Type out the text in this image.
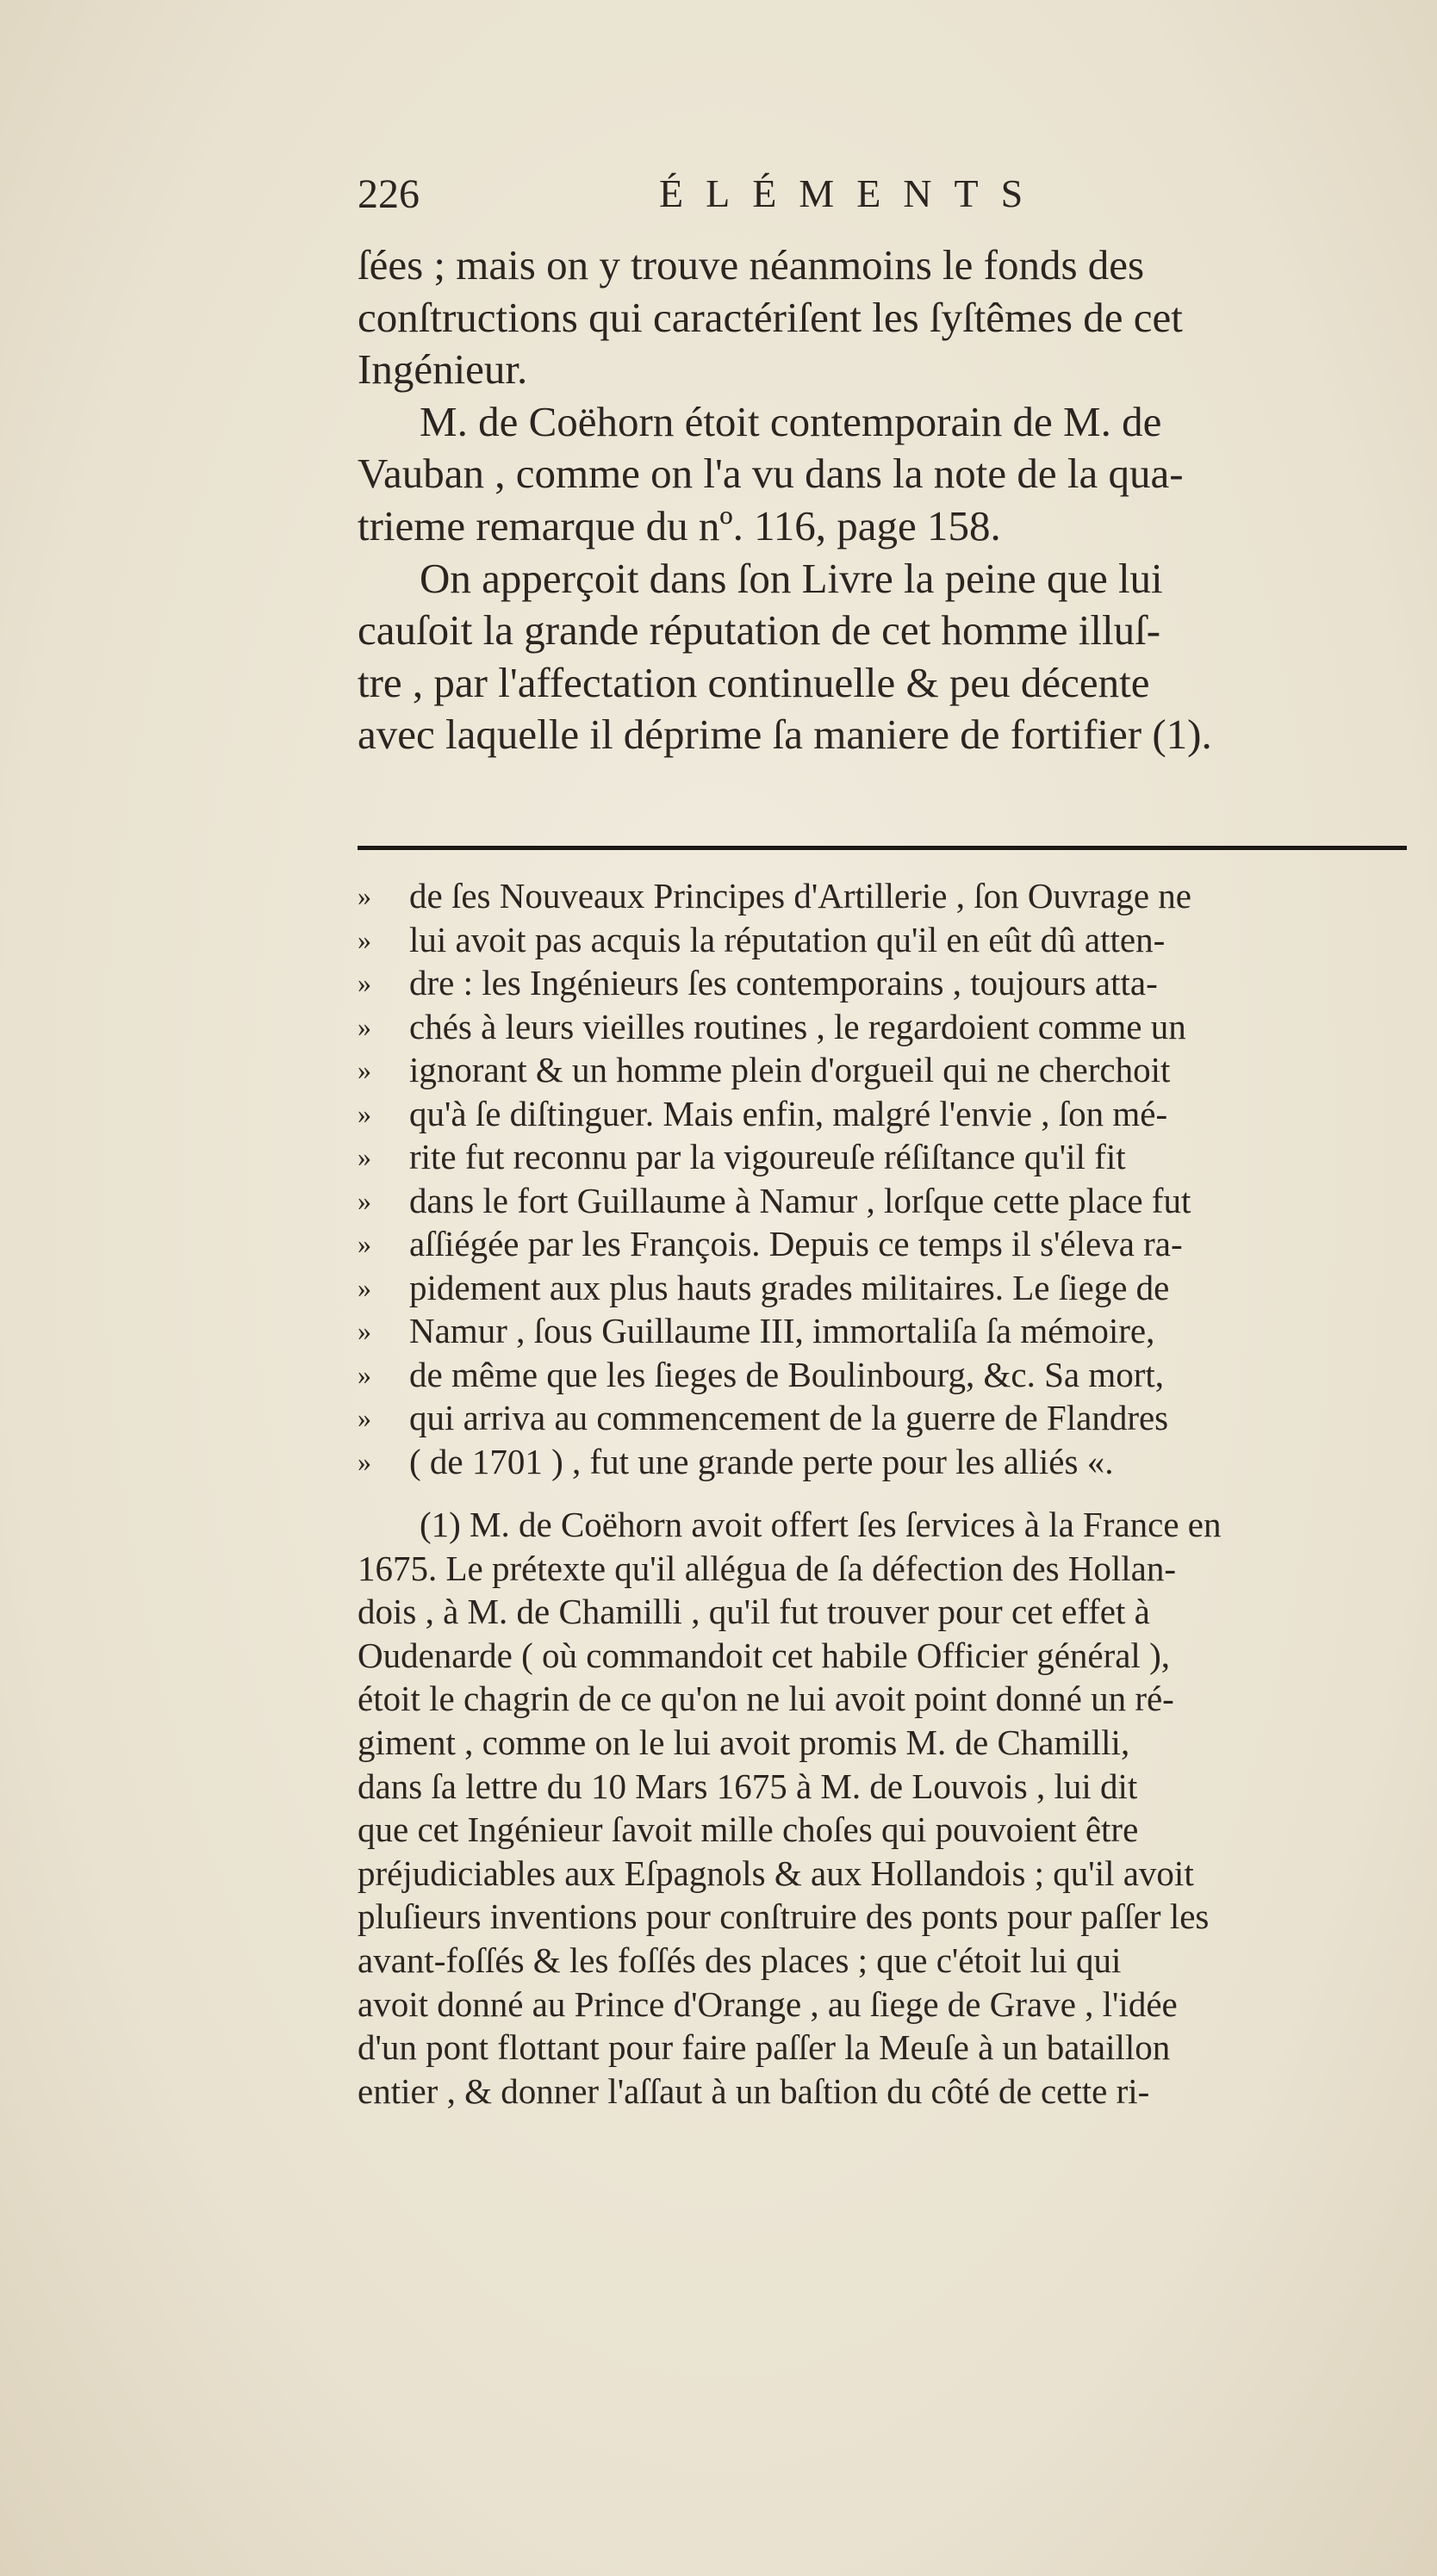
226	ÉLÉMENTS
ſées ; mais on y trouve néanmoins le fonds des
conſtructions qui caractériſent les ſyſtêmes de cet
Ingénieur.
M. de Coëhorn étoit contemporain de M. de
Vauban , comme on l'a vu dans la note de la qua-
trieme remarque du nº. 116, page 158.
On apperçoit dans ſon Livre la peine que lui
cauſoit la grande réputation de cet homme illuſ-
tre , par l'affectation continuelle & peu décente
avec laquelle il déprime ſa maniere de fortifier (1).
»	de ſes Nouveaux Principes d'Artillerie , ſon Ouvrage ne
»	lui avoit pas acquis la réputation qu'il en eût dû atten-
»	dre : les Ingénieurs ſes contemporains , toujours atta-
»	chés à leurs vieilles routines , le regardoient comme un
»	ignorant & un homme plein d'orgueil qui ne cherchoit
»	qu'à ſe diſtinguer. Mais enfin, malgré l'envie , ſon mé-
»	rite fut reconnu par la vigoureuſe réſiſtance qu'il fit
»	dans le fort Guillaume à Namur , lorſque cette place fut
»	aſſiégée par les François. Depuis ce temps il s'éleva ra-
»	pidement aux plus hauts grades militaires. Le ſiege de
»	Namur , ſous Guillaume III, immortaliſa ſa mémoire,
»	de même que les ſieges de Boulinbourg, &c. Sa mort,
»	qui arriva au commencement de la guerre de Flandres
»	( de 1701 ) , fut une grande perte pour les alliés «.
(1) M. de Coëhorn avoit offert ſes ſervices à la France en
1675. Le prétexte qu'il allégua de ſa défection des Hollan-
dois , à M. de Chamilli , qu'il fut trouver pour cet effet à
Oudenarde ( où commandoit cet habile Officier général ),
étoit le chagrin de ce qu'on ne lui avoit point donné un ré-
giment , comme on le lui avoit promis M. de Chamilli,
dans ſa lettre du 10 Mars 1675 à M. de Louvois , lui dit
que cet Ingénieur ſavoit mille choſes qui pouvoient être
préjudiciables aux Eſpagnols & aux Hollandois ; qu'il avoit
pluſieurs inventions pour conſtruire des ponts pour paſſer les
avant-foſſés & les foſſés des places ; que c'étoit lui qui
avoit donné au Prince d'Orange , au ſiege de Grave , l'idée
d'un pont flottant pour faire paſſer la Meuſe à un bataillon
entier , & donner l'aſſaut à un baſtion du côté de cette ri-
